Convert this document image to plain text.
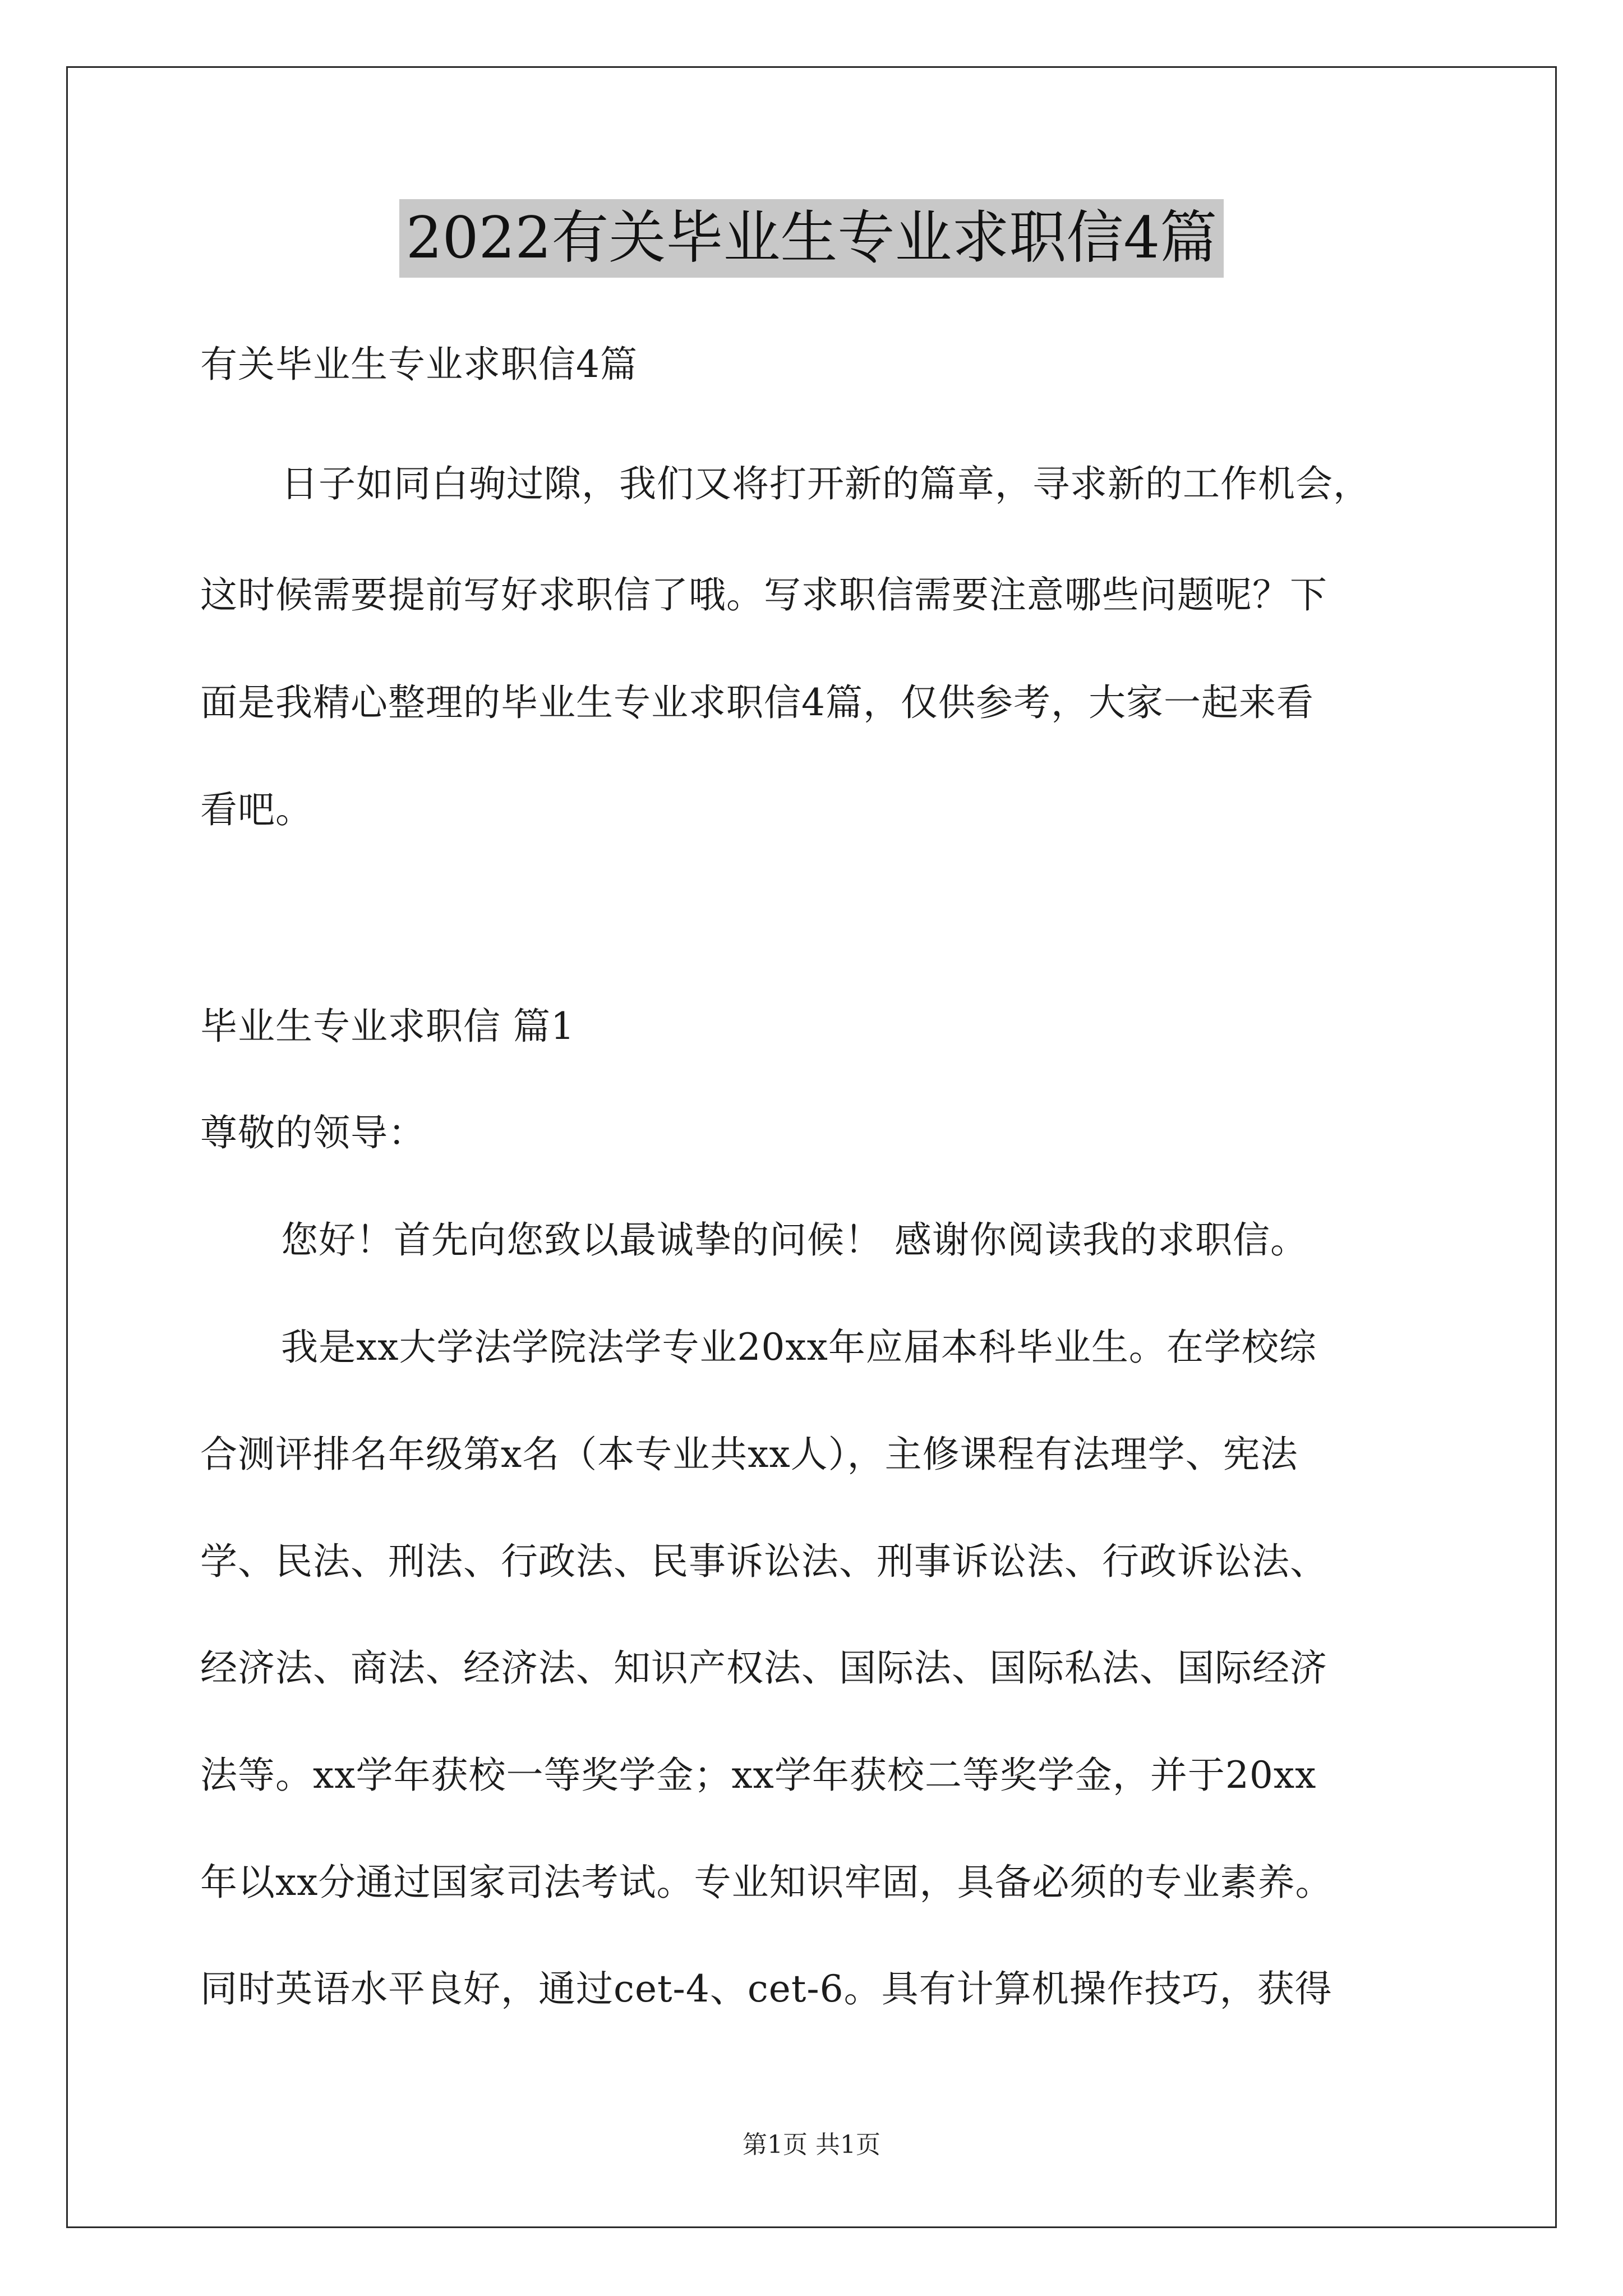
2022有关毕业生专业求职信4篇
有关毕业生专业求职信4篇
日子如同白驹过隙，我们又将打开新的篇章，寻求新的工作机会，
这时候需要提前写好求职信了哦。写求职信需要注意哪些问题呢？下
面是我精心整理的毕业生专业求职信4篇，仅供参考，大家一起来看
看吧。
毕业生专业求职信 篇1
尊敬的领导：
您好！首先向您致以最诚挚的问候！ 感谢你阅读我的求职信。
我是xx大学法学院法学专业20xx年应届本科毕业生。在学校综
合测评排名年级第x名（本专业共xx人），主修课程有法理学、宪法
学、民法、刑法、行政法、民事诉讼法、刑事诉讼法、行政诉讼法、
经济法、商法、经济法、知识产权法、国际法、国际私法、国际经济
法等。xx学年获校一等奖学金；xx学年获校二等奖学金，并于20xx
年以xx分通过国家司法考试。专业知识牢固，具备必须的专业素养。
同时英语水平良好，通过cet-4、cet-6。具有计算机操作技巧，获得
第1页 共1页
